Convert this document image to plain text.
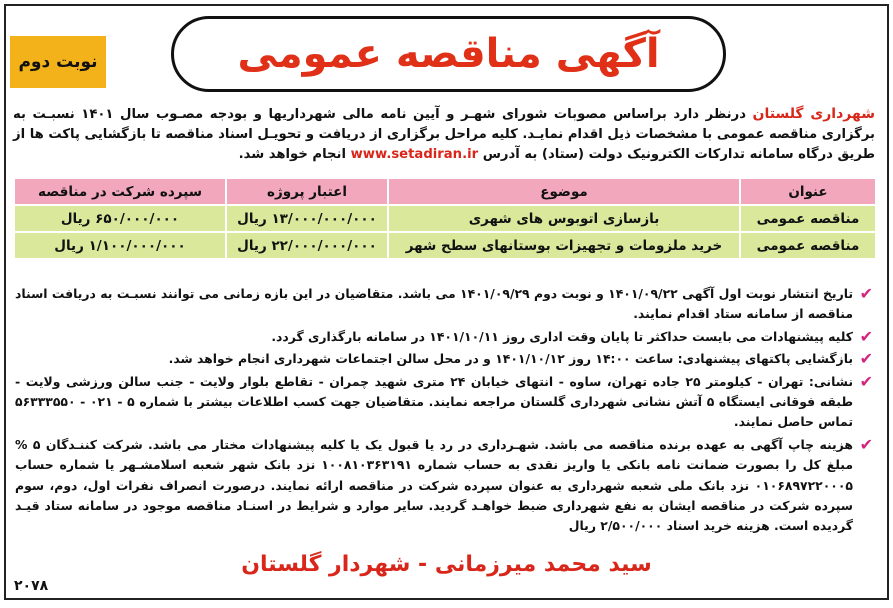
آگهی مناقصه عمومی
نوبت دوم
شهرداری گلستان درنظر دارد براساس مصوبات شورای شهـر و آیین نامه مالی شهرداریها و بودجه مصـوب سال ۱۴۰۱ نسبـت به برگزاری مناقصه عمومی با مشخصات ذیل اقدام نمایـد. کلیه مراحل برگزاری از دریافت و تحویـل اسناد مناقصه تا بازگشایی پاکت ها از طریق درگاه سامانه تدارکات الکترونیک دولت (ستاد) به آدرس www.setadiran.ir انجام خواهد شد.
عنوان	موضوع	اعتبار پروژه	سپرده شرکت در مناقصه
مناقصه عمومی	بازسازی اتوبوس های شهری	۱۳/۰۰۰/۰۰۰/۰۰۰ ریال	۶۵۰/۰۰۰/۰۰۰ ریال
مناقصه عمومی	خرید ملزومات و تجهیزات بوستانهای سطح شهر	۲۲/۰۰۰/۰۰۰/۰۰۰ ریال	۱/۱۰۰/۰۰۰/۰۰۰ ریال
✔
تاریخ انتشار نوبت اول آگهی ۱۴۰۱/۰۹/۲۲ و نوبت دوم ۱۴۰۱/۰۹/۲۹ می باشد. متقاضیان در این بازه زمانی می توانند نسبـت به دریافت اسناد مناقصه از سامانه ستاد اقدام نمایند.
✔
کلیه پیشنهادات می بایست حداکثر تا پایان وقت اداری روز ۱۴۰۱/۱۰/۱۱ در سامانه بارگذاری گردد.
✔
بازگشایی پاکتهای پیشنهادی: ساعت ۱۴:۰۰ روز ۱۴۰۱/۱۰/۱۲ و در محل سالن اجتماعات شهرداری انجام خواهد شد.
✔
نشانی: تهران - کیلومتر ۲۵ جاده تهران، ساوه - انتهای خیابان ۲۴ متری شهید چمران - تقاطع بلوار ولایت - جنب سالن ورزشی ولایت - طبقه فوقانی ایستگاه ۵ آتش نشانی شهرداری گلستان مراجعه نمایند. متقاضیان جهت کسب اطلاعات بیشتر با شماره ۵ - ۰۲۱ - ۵۶۳۳۳۵۵۰ تماس حاصل نمایند.
✔
هزینه چاپ آگهی به عهده برنده مناقصه می باشد. شهـرداری در رد یا قبول یک یا کلیه پیشنهادات مختار می باشد. شرکت کننـدگان ۵ % مبلغ کل را بصورت ضمانت نامه بانکی یا واریز نقدی به حساب شماره ۱۰۰۸۱۰۳۶۳۱۹۱ نزد بانک شهر شعبه اسلامشـهر یا شماره حساب ۰۱۰۶۸۹۷۲۲۰۰۰۵ نزد بانک ملی شعبه شهرداری به عنوان سپرده شرکت در مناقصه ارائه نمایند. درصورت انصراف نفرات اول، دوم، سوم سپرده شرکت در مناقصه ایشان به نفع شهرداری ضبط خواهـد گردید. سایر موارد و شرایط در اسنـاد مناقصه موجود در سامانه ستاد قیـد گردیده است. هزینه خرید اسناد ۲/۵۰۰/۰۰۰ ریال
سید محمد میرزمانی - شهردار گلستان
۲۰۷۸
